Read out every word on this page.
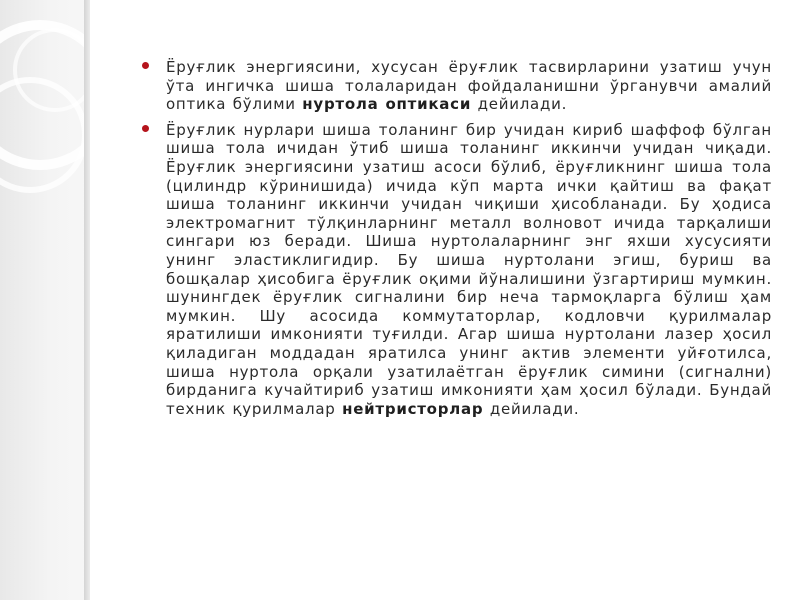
Ёруғлик энергиясини, хусусан ёруғлик тасвирларини узатиш учун ўта ингичка шиша толаларидан фойдаланишни ўрганувчи амалий оптика бўлими нуртола оптикаси дейилади.
Ёруғлик нурлари шиша толанинг бир учидан кириб шаффоф бўлган шиша тола ичидан ўтиб шиша толанинг иккинчи учидан чиқади. Ёруғлик энергиясини узатиш асоси бўлиб, ёруғликнинг шиша тола (цилиндр кўринишида) ичида кўп марта ички қайтиш ва фақат шиша толанинг иккинчи учидан чиқиши ҳисобланади. Бу ҳодиса электромагнит тўлқинларнинг металл волновот ичида тарқалиши сингари юз беради. Шиша нуртолаларнинг энг яхши хусусияти унинг эластиклигидир. Бу шиша нуртолани эгиш, буриш ва бошқалар ҳисобига ёруғлик оқими йўналишини ўзгартириш мумкин. шунингдек ёруғлик сигналини бир неча тармоқларга бўлиш ҳам мумкин. Шу асосида коммутаторлар, кодловчи қурилмалар яратилиши имконияти туғилди. Агар шиша нуртолани лазер ҳосил қиладиган моддадан яратилса унинг актив элементи уйғотилса, шиша нуртола орқали узатилаётган ёруғлик симини (сигнални) бирданига кучайтириб узатиш имконияти ҳам ҳосил бўлади. Бундай техник қурилмалар нейтристорлар дейилади.
